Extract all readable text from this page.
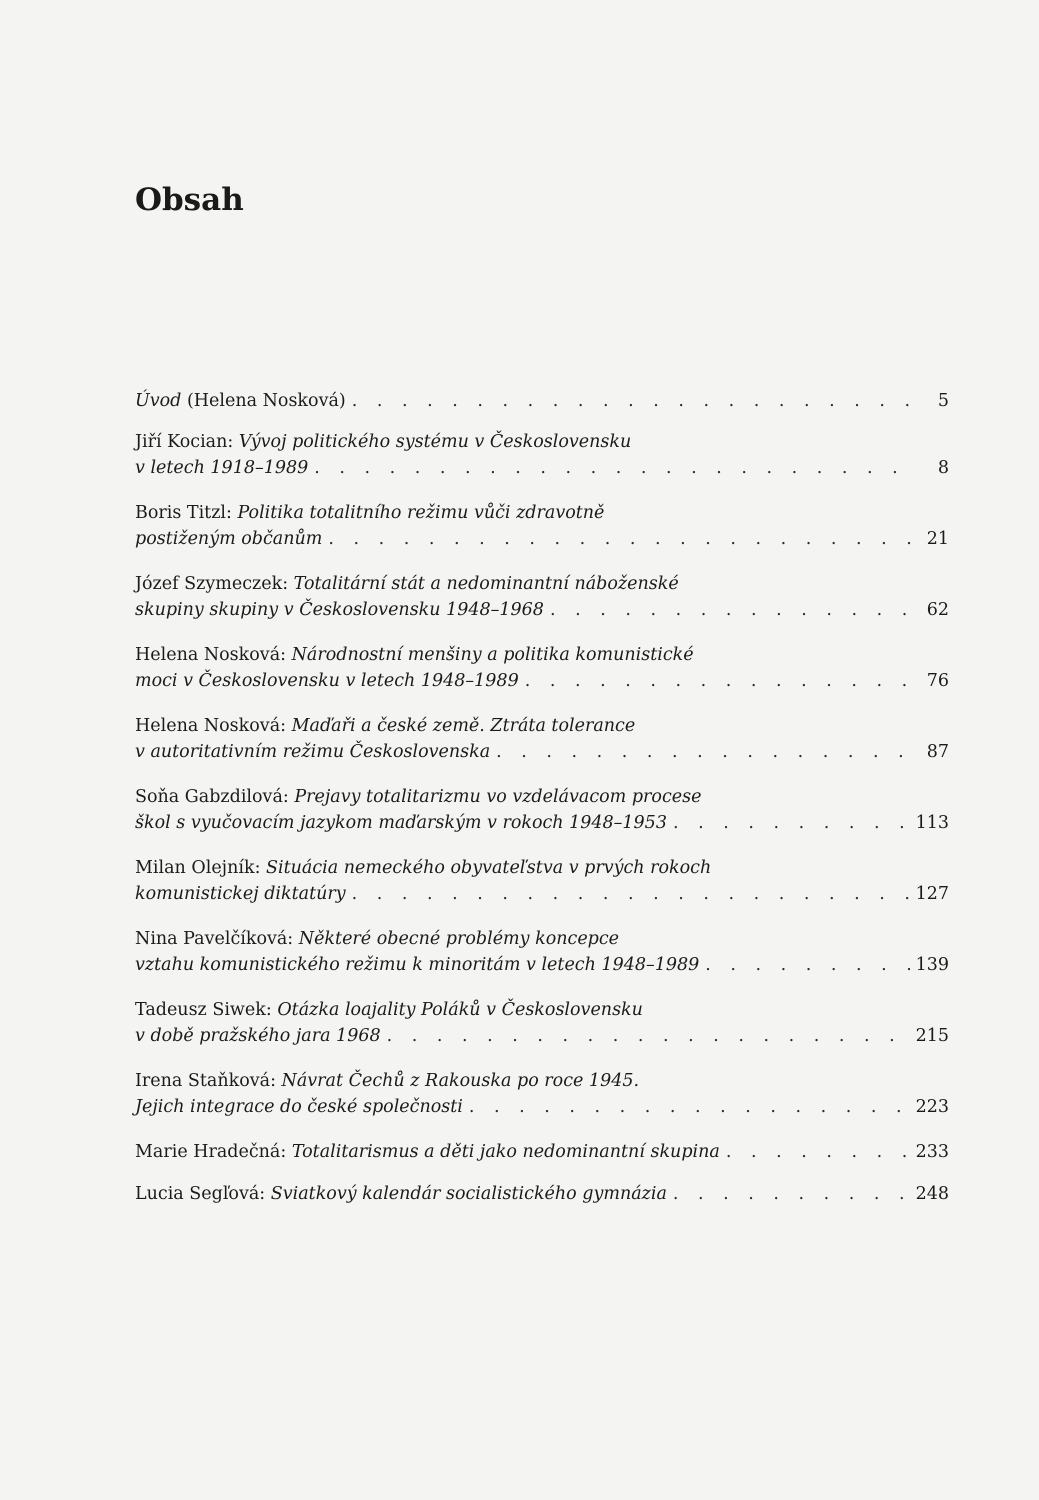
Obsah
Úvod (Helena Nosková) . . .	5
Jiří Kocian: Vývoj politického systému v Československu
v letech 1918–1989 . . .	8
Boris Titzl: Politika totalitního režimu vůči zdravotně
postiženým občanům . . .	21
Józef Szymeczek: Totalitární stát a nedominantní náboženské
skupiny skupiny v Československu 1948–1968 . . .	62
Helena Nosková: Národnostní menšiny a politika komunistické
moci v Československu v letech 1948–1989 . . .	76
Helena Nosková: Maďaři a české země. Ztráta tolerance
v autoritativním režimu Československa . . .	87
Soňa Gabzdilová: Prejavy totalitarizmu vo vzdelávacom procese
škol s vyučovacím jazykom maďarským v rokoch 1948–1953 . . .	113
Milan Olejník: Situácia nemeckého obyvateľstva v prvých rokoch
komunistickej diktatúry . . .	127
Nina Pavelčíková: Některé obecné problémy koncepce
vztahu komunistického režimu k minoritám v letech 1948–1989 . . .	139
Tadeusz Siwek: Otázka loajality Poláků v Československu
v době pražského jara 1968 . . .	215
Irena Staňková: Návrat Čechů z Rakouska po roce 1945.
Jejich integrace do české společnosti . . .	223
Marie Hradečná: Totalitarismus a děti jako nedominantní skupina . . .	233
Lucia Segľová: Sviatkový kalendár socialistického gymnázia . . .	248
